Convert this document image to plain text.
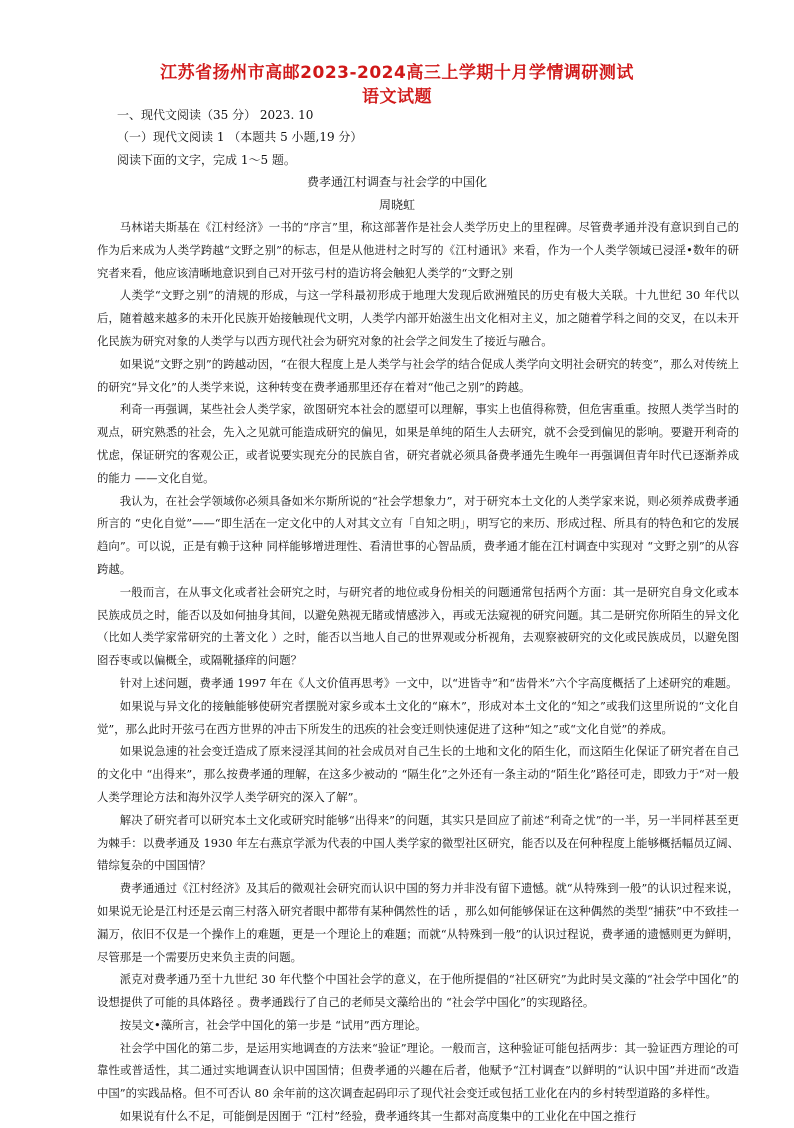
江苏省扬州市高邮2023-2024高三上学期十月学情调研测试
语文试题
一、现代文阅读（35 分） 2023. 10
（一）现代文阅读 1 （本题共 5 小题,19 分）
阅读下面的文字，完成 1～5 题。
费孝通江村调查与社会学的中国化
周晓虹

马林诺夫斯基在《江村经济》一书的“序言”里，称这部著作是社会人类学历史上的里程碑。尽管费孝通并没有意识到自己的作为后来成为人类学跨越“文野之别”的标志，但是从他进村之时写的《江村通讯》来看，作为一个人类学领域已浸淫•数年的研究者来看，他应该清晰地意识到自己对开弦弓村的造访将会触犯人类学的“文野之别

人类学“文野之别”的清规的形成，与这一学科最初形成于地理大发现后欧洲殖民的历史有极大关联。十九世纪 30 年代以后，随着越来越多的未开化民族开始接触现代文明，人类学内部开始滋生出文化相对主义，加之随着学科之间的交叉，在以未开化民族为研究对象的人类学与以西方现代社会为研究对象的社会学之间发生了接近与融合。

如果说“文野之别”的跨越动因，“在很大程度上是人类学与社会学的结合促成人类学向文明社会研究的转变”，那么对传统上的研究“异文化”的人类学来说，这种转变在费孝通那里还存在着对“他己之别”的跨越。

利奇一再强调，某些社会人类学家，欲图研究本社会的愿望可以理解，事实上也值得称赞，但危害重重。按照人类学当时的观点，研究熟悉的社会，先入之见就可能造成研究的偏见，如果是单纯的陌生人去研究，就不会受到偏见的影响。要避开利奇的忧虑，保证研究的客观公正，或者说要实现充分的民族自省，研究者就必须具备费孝通先生晚年一再强调但青年时代已逐渐养成的能力 ——文化自觉。

我认为，在社会学领域你必须具备如米尔斯所说的“社会学想象力”，对于研究本土文化的人类学家来说，则必须养成费孝通所言的 “史化自觉”——“即生活在一定文化中的人对其文立有「自知之明」，明写它的来历、形成过程、所具有的特色和它的发展趋向”。可以说，正是有赖于这种 同样能够增进理性、看清世事的心智品质，费孝通才能在江村调查中实现对 “文野之别”的从容跨越。

一般而言，在从事文化或者社会研究之时，与研究者的地位或身份相关的问题通常包括两个方面：其一是研究自身文化或本民族成员之时，能否以及如何抽身其间，以避免熟视无睹或情感涉入，再或无法窥视的研究问题。其二是研究你所陌生的异文化（比如人类学家常研究的土著文化 ）之时，能否以当地人自己的世界观或分析视角，去观察被研究的文化或民族成员，以避免图囵吞枣或以偏概全，或隔靴搔痒的问题？

针对上述问题，费孝通 1997 年在《人文价值再思考》一文中，以“进皆寺”和“齿骨米”六个字高度概括了上述研究的难题。

如果说与异文化的接触能够使研究者摆脱对家乡或本土文化的“麻木”，形成对本土文化的“知之”或我们这里所说的“文化自觉”，那么此时开弦弓在西方世界的冲击下所发生的迅疾的社会变迁则快速促进了这种“知之”或“文化自觉”的养成。

如果说急速的社会变迁造成了原来浸淫其间的社会成员对自己生长的土地和文化的陌生化，而这陌生化保证了研究者在自己的文化中 “出得来”，那么按费孝通的理解，在这多少被动的 “隔生化”之外还有一条主动的“陌生化”路径可走，即致力于“对一般人类学理论方法和海外汉学人类学研究的深入了解”。

解决了研究者可以研究本土文化或研究时能够“出得来”的问题，其实只是回应了前述“利奇之忧”的一半，另一半同样甚至更为棘手：以费孝通及 1930 年左右燕京学派为代表的中国人类学家的微型社区研究，能否以及在何种程度上能够概括幅员辽阔、错综复杂的中国国情？

费孝通通过《江村经济》及其后的微观社会研究而认识中国的努力并非没有留下遗憾。就“从特殊到一般”的认识过程来说，如果说无论是江村还是云南三村落入研究者眼中都带有某种偶然性的话 ，那么如何能够保证在这种偶然的类型“捕获”中不致挂一漏万，依旧不仅是一个操作上的难题，更是一个理论上的难题；而就“从特殊到一般”的认识过程说，费孝通的遗憾则更为鲜明，尽管那是一个需要历史来负主责的问题。

派克对费孝通乃至十九世纪 30 年代整个中国社会学的意义，在于他所提倡的“社区研究”为此时吴文藻的“社会学中国化”的设想提供了可能的具体路径 。费孝通践行了自己的老师吴文藻给出的 “社会学中国化”的实现路径。

按吴文•藻所言，社会学中国化的第一步是 “试用”西方理论。

社会学中国化的第二步，是运用实地调查的方法来“验证”理论。一般而言，这种验证可能包括两步：其一验证西方理论的可靠性或普适性，其二通过实地调查认识中国国情；但费孝通的兴趣在后者，他赋予“江村调查”以鲜明的“认识中国”并进而“改造中国”的实践品格。但不可否认 80 余年前的这次调查起码印示了现代社会变迁或包括工业化在内的乡村转型道路的多样性。

如果说有什么不足，可能倒是因囿于 “江村”经验，费孝通终其一生都对高度集中的工业化在中国之推行
